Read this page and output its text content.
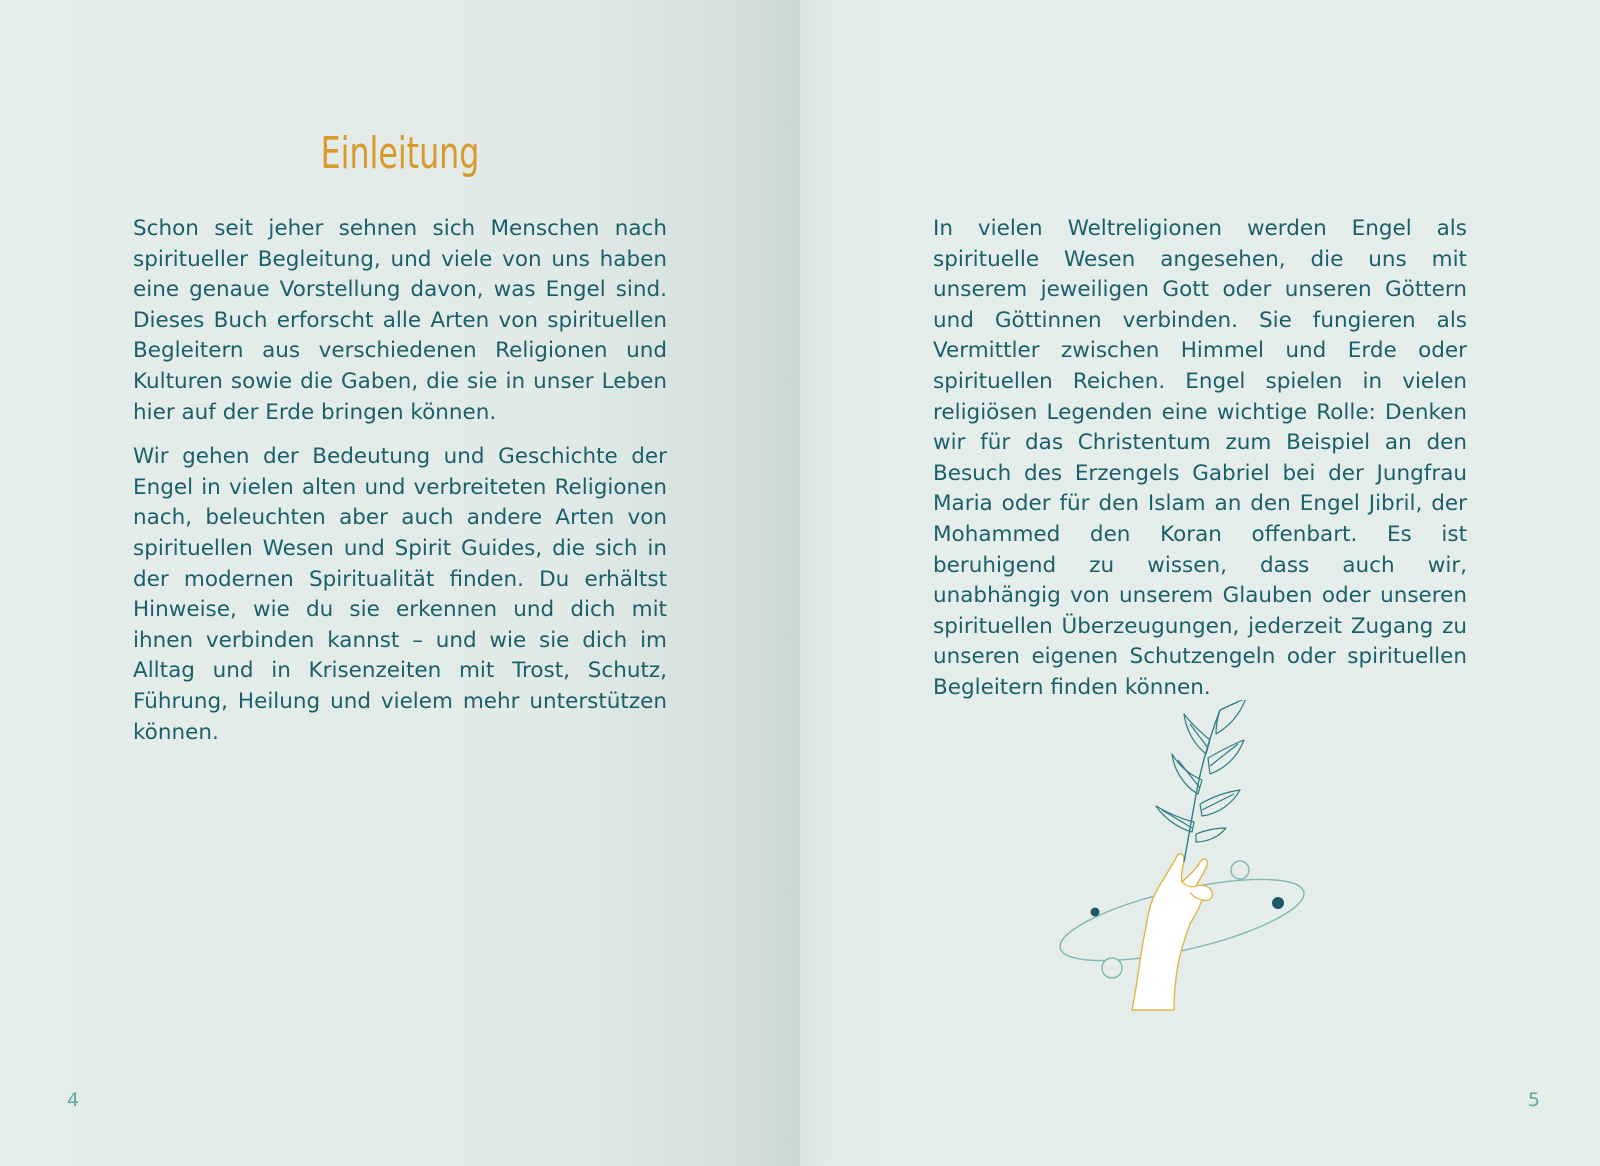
Einleitung

Schon seit jeher sehnen sich Menschen nach spiritueller Begleitung, und viele von uns haben eine genaue Vorstellung davon, was Engel sind. Dieses Buch erforscht alle Arten von spirituellen Begleitern aus verschiedenen Religionen und Kulturen sowie die Gaben, die sie in unser Leben hier auf der Erde bringen können.

Wir gehen der Bedeutung und Geschichte der Engel in vielen alten und verbreiteten Religionen nach, beleuchten aber auch andere Arten von spirituellen Wesen und Spirit Guides, die sich in der modernen Spiritualität finden. Du erhältst Hinweise, wie du sie erkennen und dich mit ihnen verbinden kannst – und wie sie dich im Alltag und in Krisenzeiten mit Trost, Schutz, Führung, Heilung und vielem mehr unterstützen können.

4

In vielen Weltreligionen werden Engel als spirituelle Wesen angesehen, die uns mit unserem jeweiligen Gott oder unseren Göttern und Göttinnen verbinden. Sie fungieren als Vermittler zwischen Himmel und Erde oder spirituellen Reichen. Engel spielen in vielen religiösen Legenden eine wichtige Rolle: Denken wir für das Christentum zum Beispiel an den Besuch des Erzengels Gabriel bei der Jungfrau Maria oder für den Islam an den Engel Jibril, der Mohammed den Koran offenbart. Es ist beruhigend zu wissen, dass auch wir, unabhängig von unserem Glauben oder unseren spirituellen Überzeugungen, jederzeit Zugang zu unseren eigenen Schutzengeln oder spirituellen Begleitern finden können.

5
